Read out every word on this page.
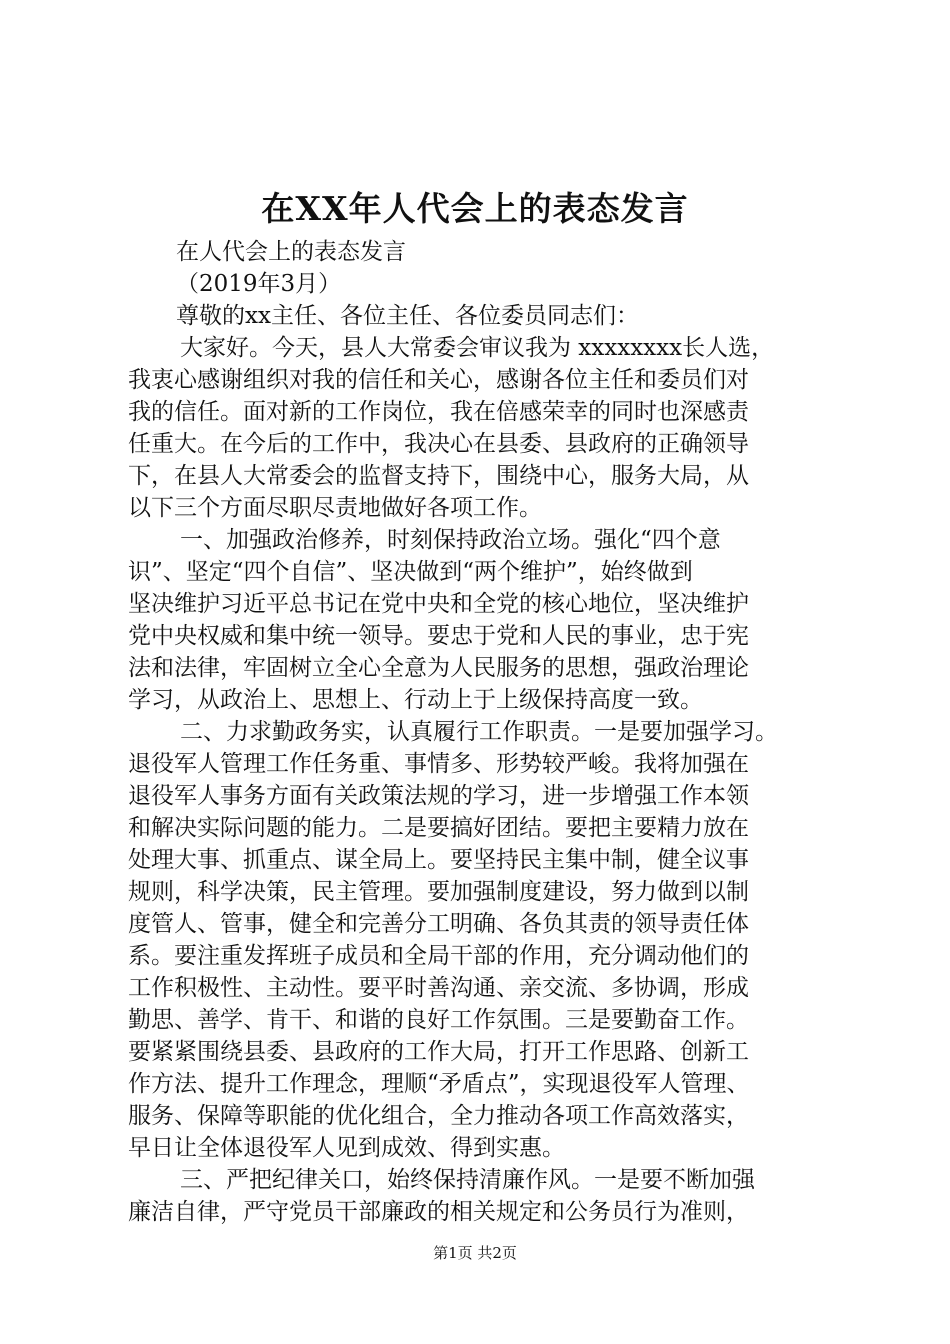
在XX年人代会上的表态发言
在人代会上的表态发言
（2019年3月）
尊敬的xx主任、各位主任、各位委员同志们：
大家好。今天，县人大常委会审议我为 xxxxxxxx长人选，
我衷心感谢组织对我的信任和关心，感谢各位主任和委员们对
我的信任。面对新的工作岗位，我在倍感荣幸的同时也深感责
任重大。在今后的工作中，我决心在县委、县政府的正确领导
下，在县人大常委会的监督支持下，围绕中心，服务大局，从
以下三个方面尽职尽责地做好各项工作。
一、加强政治修养，时刻保持政治立场。强化“四个意
识”、坚定“四个自信”、坚决做到“两个维护”，始终做到
坚决维护习近平总书记在党中央和全党的核心地位，坚决维护
党中央权威和集中统一领导。要忠于党和人民的事业，忠于宪
法和法律，牢固树立全心全意为人民服务的思想，强政治理论
学习，从政治上、思想上、行动上于上级保持高度一致。
二、力求勤政务实，认真履行工作职责。一是要加强学习。
退役军人管理工作任务重、事情多、形势较严峻。我将加强在
退役军人事务方面有关政策法规的学习，进一步增强工作本领
和解决实际问题的能力。二是要搞好团结。要把主要精力放在
处理大事、抓重点、谋全局上。要坚持民主集中制，健全议事
规则，科学决策，民主管理。要加强制度建设，努力做到以制
度管人、管事，健全和完善分工明确、各负其责的领导责任体
系。要注重发挥班子成员和全局干部的作用，充分调动他们的
工作积极性、主动性。要平时善沟通、亲交流、多协调，形成
勤思、善学、肯干、和谐的良好工作氛围。三是要勤奋工作。
要紧紧围绕县委、县政府的工作大局，打开工作思路、创新工
作方法、提升工作理念，理顺“矛盾点”，实现退役军人管理、
服务、保障等职能的优化组合，全力推动各项工作高效落实，
早日让全体退役军人见到成效、得到实惠。
三、严把纪律关口，始终保持清廉作风。一是要不断加强
廉洁自律，严守党员干部廉政的相关规定和公务员行为准则，
第1页 共2页
